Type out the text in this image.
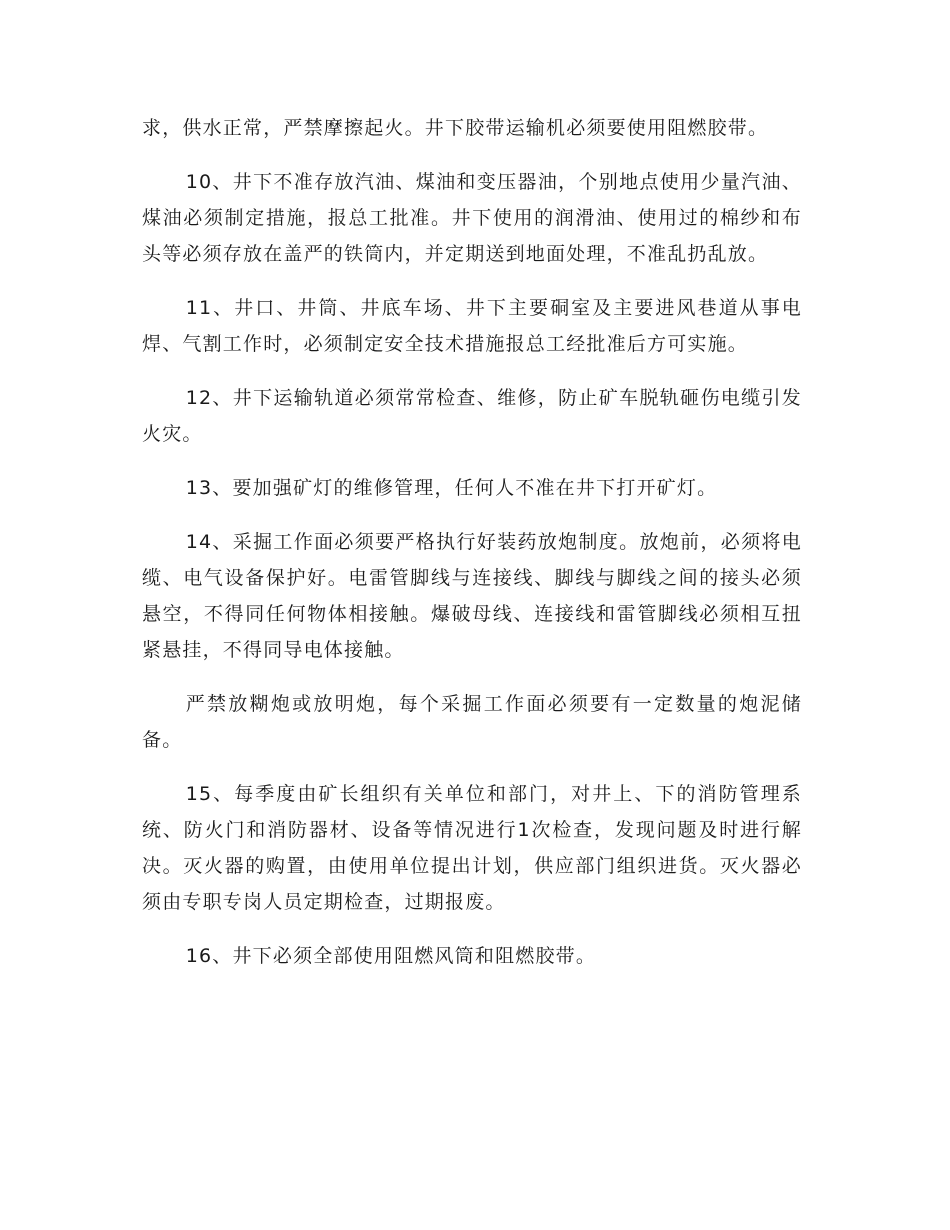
求，供水正常，严禁摩擦起火。井下胶带运输机必须要使用阻燃胶带。

10、井下不准存放汽油、煤油和变压器油，个别地点使用少量汽油、煤油必须制定措施，报总工批准。井下使用的润滑油、使用过的棉纱和布头等必须存放在盖严的铁筒内，并定期送到地面处理，不准乱扔乱放。

11、井口、井筒、井底车场、井下主要硐室及主要进风巷道从事电焊、气割工作时，必须制定安全技术措施报总工经批准后方可实施。

12、井下运输轨道必须常常检查、维修，防止矿车脱轨砸伤电缆引发火灾。

13、要加强矿灯的维修管理，任何人不准在井下打开矿灯。

14、采掘工作面必须要严格执行好装药放炮制度。放炮前，必须将电缆、电气设备保护好。电雷管脚线与连接线、脚线与脚线之间的接头必须悬空，不得同任何物体相接触。爆破母线、连接线和雷管脚线必须相互扭紧悬挂，不得同导电体接触。

严禁放糊炮或放明炮，每个采掘工作面必须要有一定数量的炮泥储备。

15、每季度由矿长组织有关单位和部门，对井上、下的消防管理系统、防火门和消防器材、设备等情况进行1次检查，发现问题及时进行解决。灭火器的购置，由使用单位提出计划，供应部门组织进货。灭火器必须由专职专岗人员定期检查，过期报废。

16、井下必须全部使用阻燃风筒和阻燃胶带。
